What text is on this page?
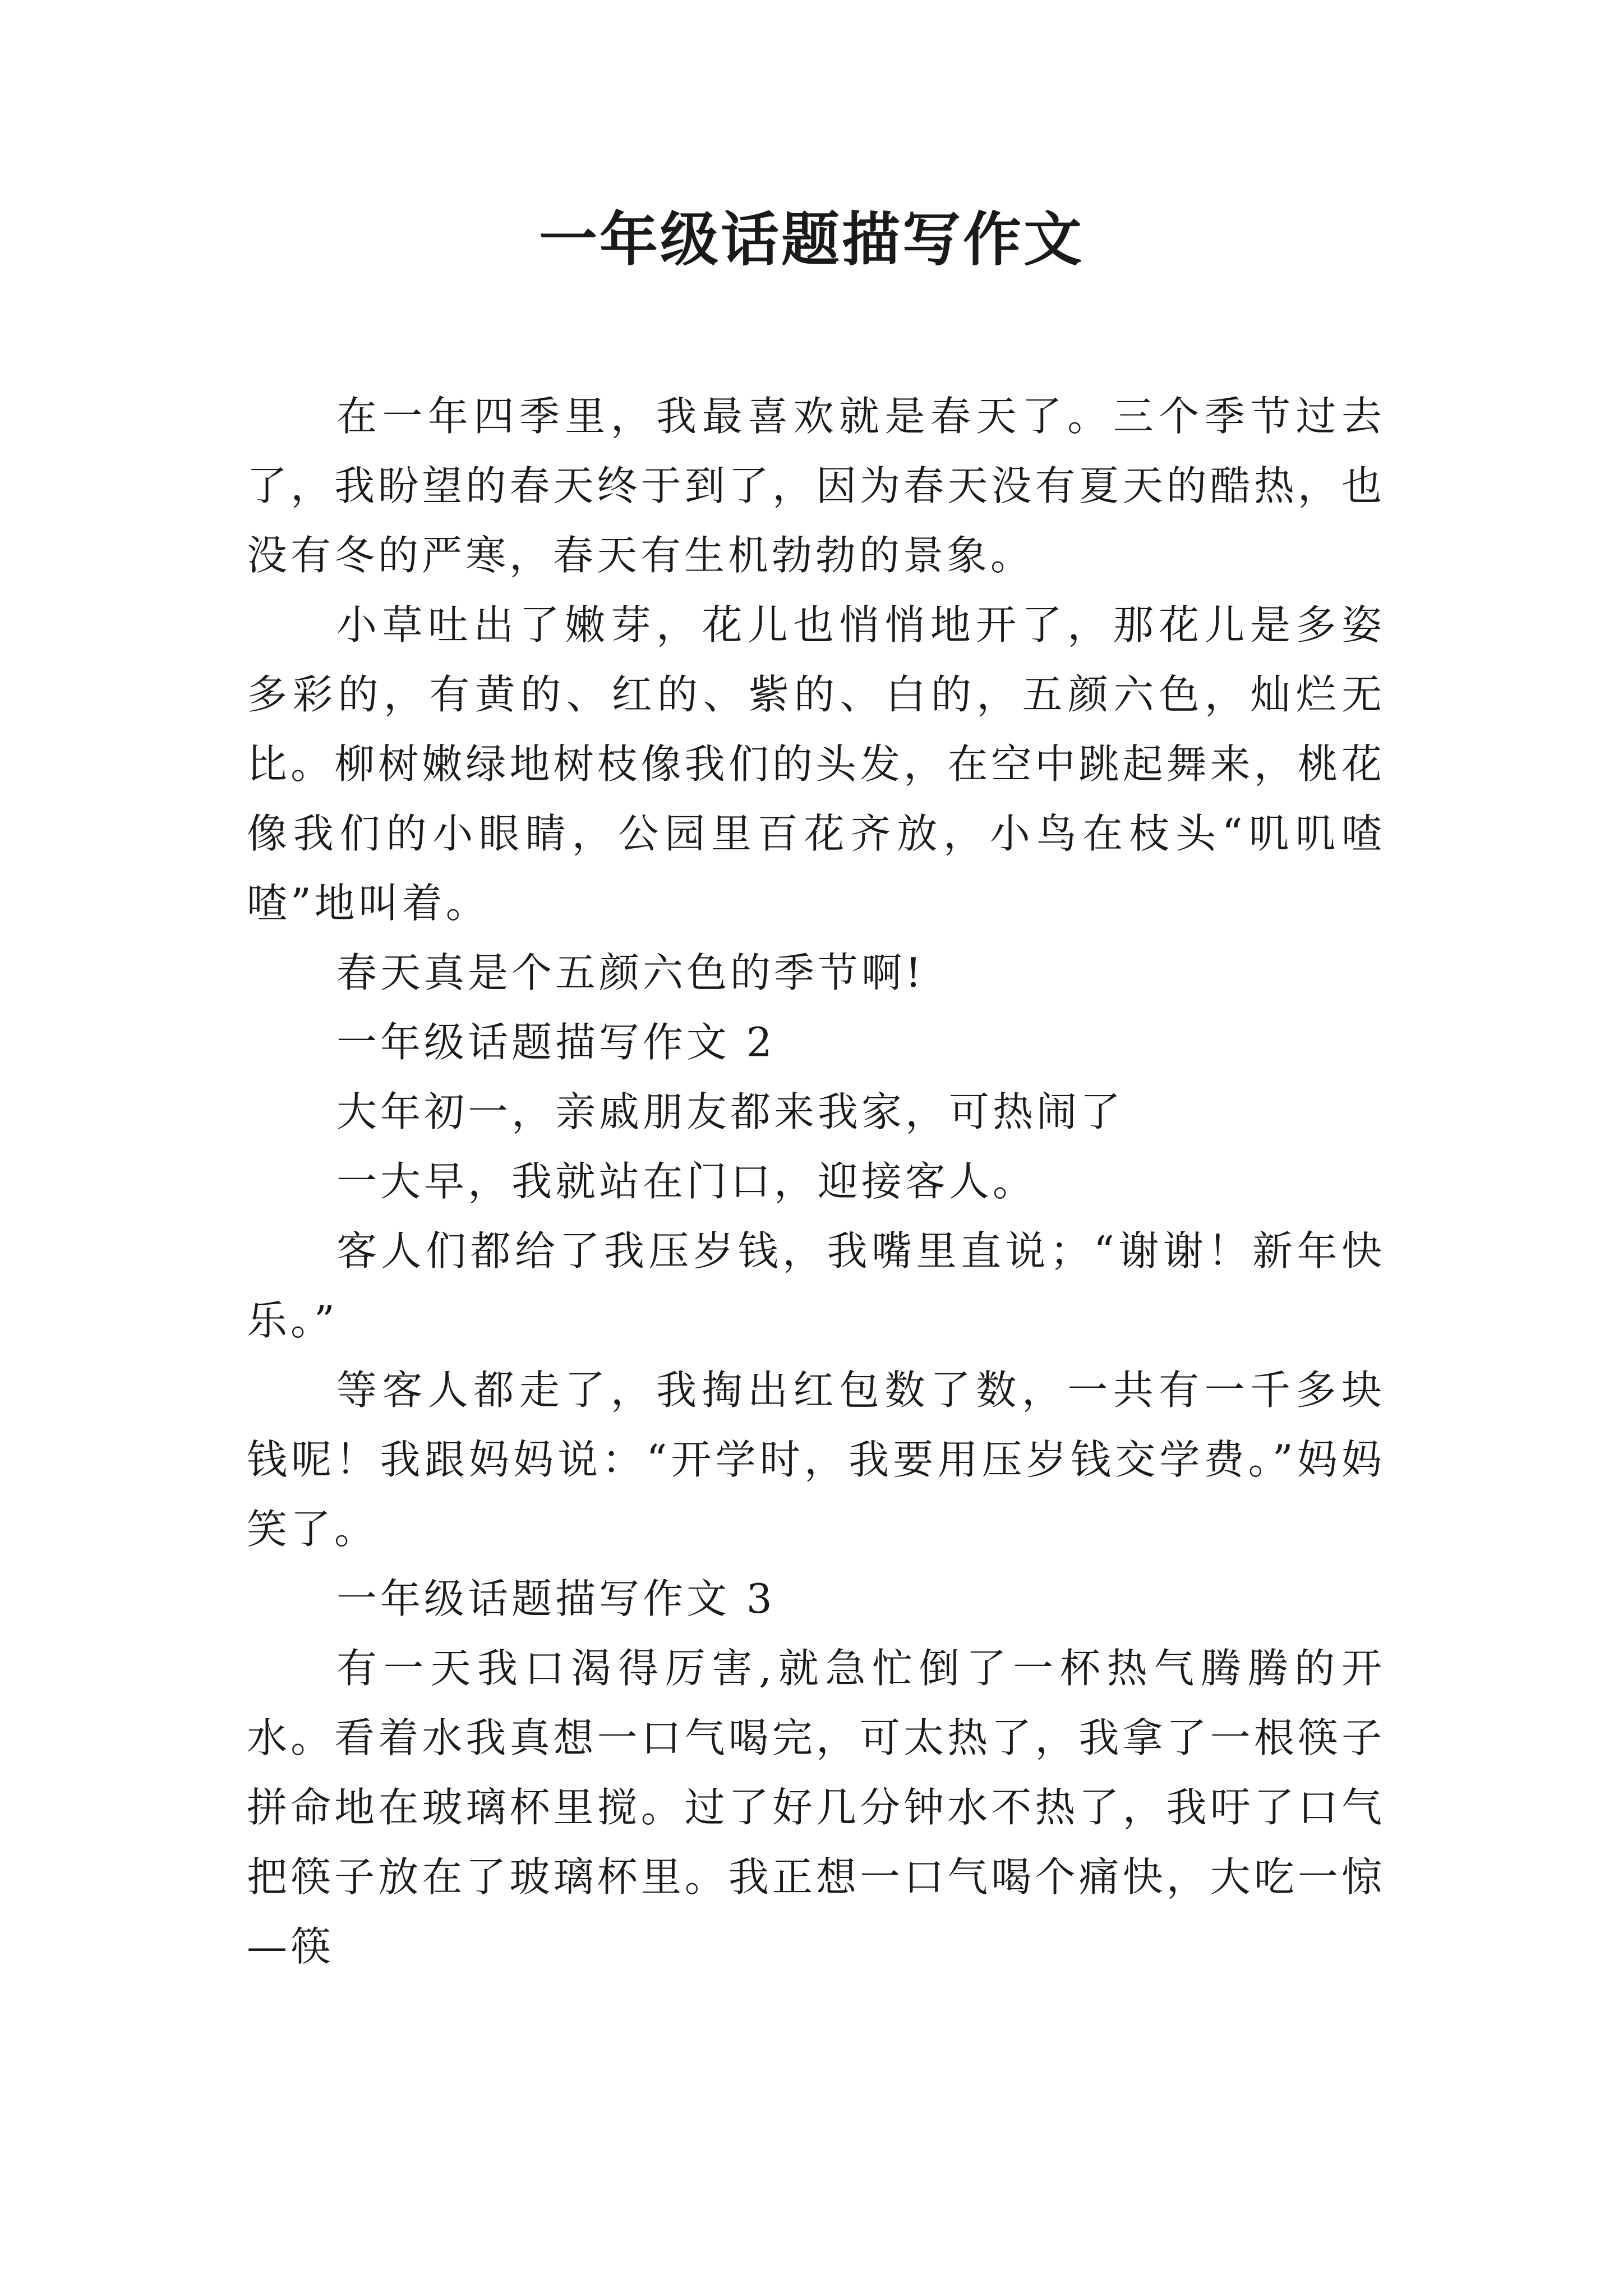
一年级话题描写作文

在一年四季里，我最喜欢就是春天了。三个季节过去了，我盼望的春天终于到了，因为春天没有夏天的酷热，也没有冬的严寒，春天有生机勃勃的景象。

小草吐出了嫩芽，花儿也悄悄地开了，那花儿是多姿多彩的，有黄的、红的、紫的、白的，五颜六色，灿烂无比。柳树嫩绿地树枝像我们的头发，在空中跳起舞来，桃花像我们的小眼睛，公园里百花齐放，小鸟在枝头“叽叽喳喳”地叫着。

春天真是个五颜六色的季节啊!

一年级话题描写作文 2

大年初一，亲戚朋友都来我家，可热闹了

一大早，我就站在门口，迎接客人。

客人们都给了我压岁钱，我嘴里直说；“谢谢！新年快乐。”

等客人都走了，我掏出红包数了数，一共有一千多块钱呢！我跟妈妈说：“开学时，我要用压岁钱交学费。”妈妈笑了。

一年级话题描写作文 3

有一天我口渴得厉害,就急忙倒了一杯热气腾腾的开水。看着水我真想一口气喝完，可太热了，我拿了一根筷子拼命地在玻璃杯里搅。过了好几分钟水不热了，我吁了口气把筷子放在了玻璃杯里。我正想一口气喝个痛快，大吃一惊—筷
